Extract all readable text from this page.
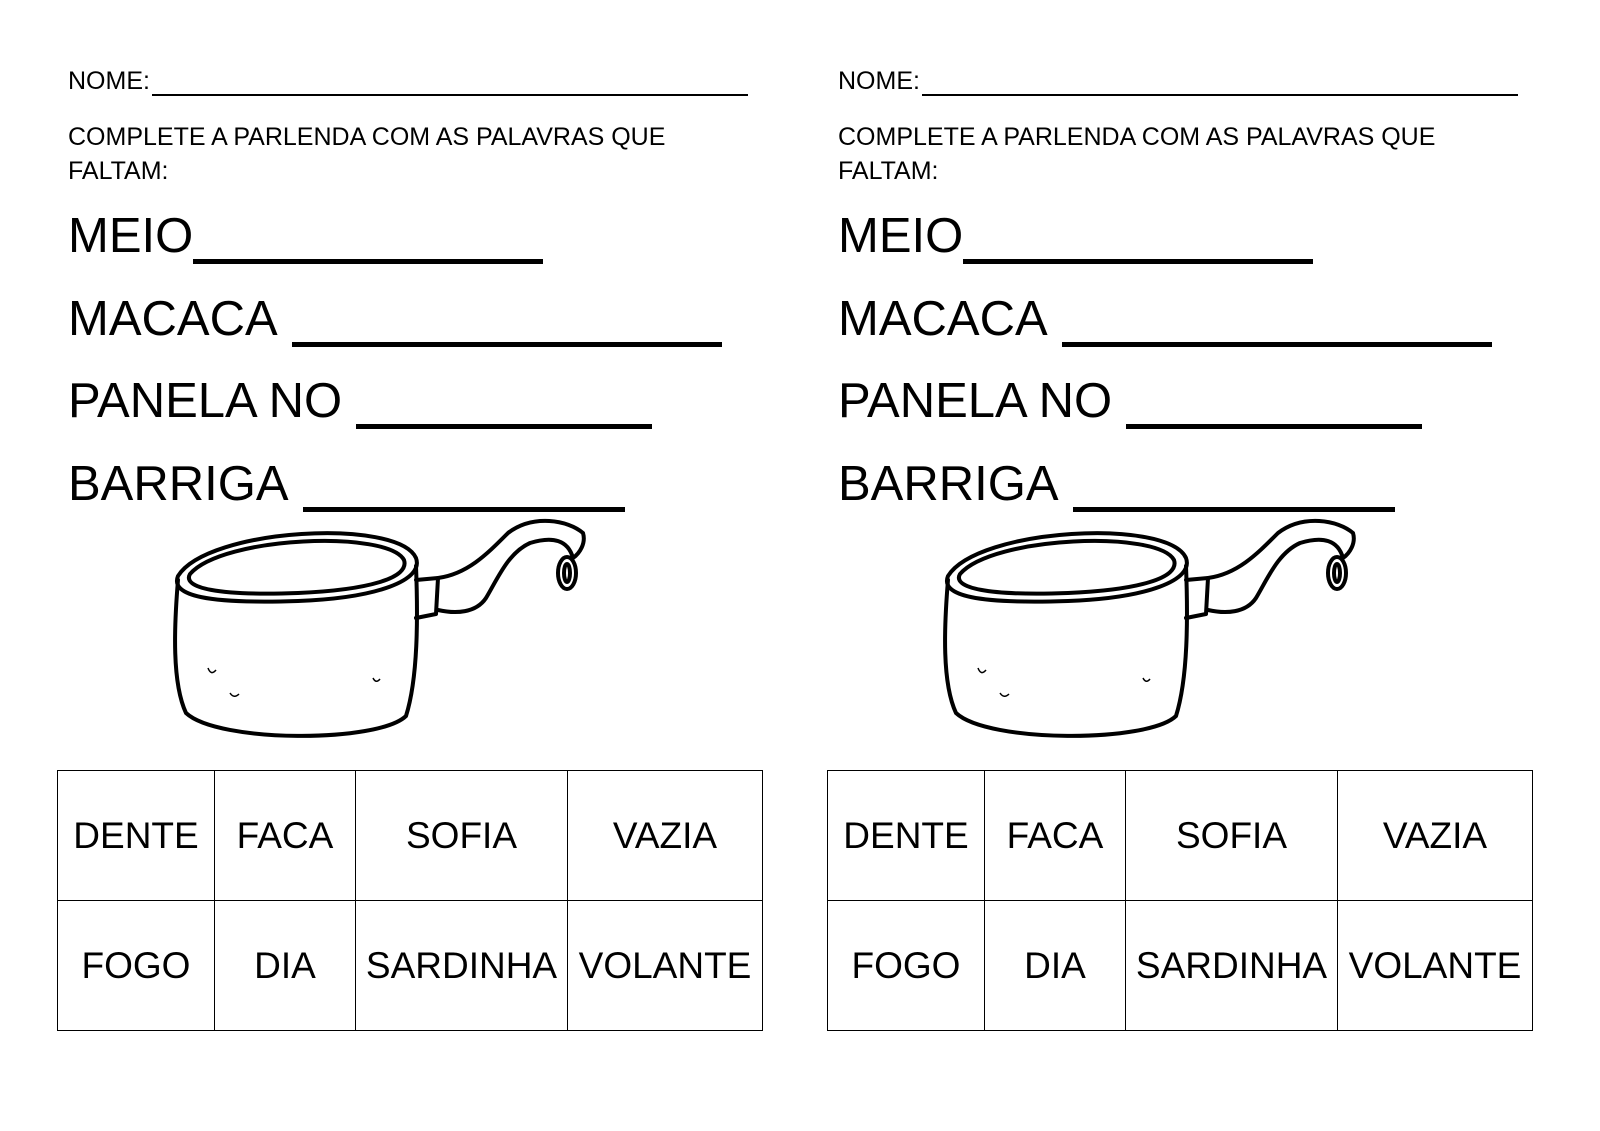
NOME:

COMPLETE A PARLENDA COM AS PALAVRAS QUE FALTAM:

MEIO
MACACA
PANELA NO
BARRIGA
DENTE	FACA	SOFIA	VAZIA
FOGO	DIA	SARDINHA	VOLANTE
NOME:

COMPLETE A PARLENDA COM AS PALAVRAS QUE FALTAM:

MEIO
MACACA
PANELA NO
BARRIGA
DENTE	FACA	SOFIA	VAZIA
FOGO	DIA	SARDINHA	VOLANTE
